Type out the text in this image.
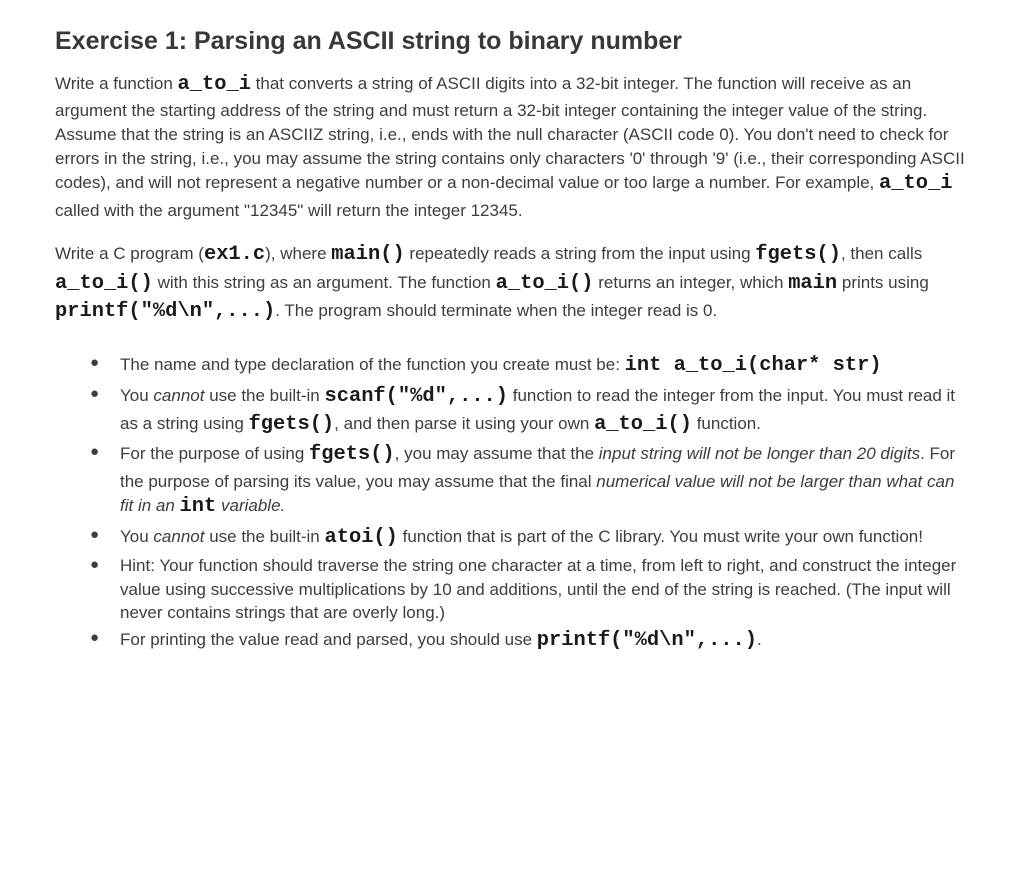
Exercise 1: Parsing an ASCII string to binary number

Write a function a_to_i that converts a string of ASCII digits into a 32-bit integer. The function will receive as an argument the starting address of the string and must return a 32-bit integer containing the integer value of the string. Assume that the string is an ASCIIZ string, i.e., ends with the null character (ASCII code 0). You don't need to check for errors in the string, i.e., you may assume the string contains only characters '0' through '9' (i.e., their corresponding ASCII codes), and will not represent a negative number or a non-decimal value or too large a number. For example, a_to_i called with the argument "12345" will return the integer 12345.

Write a C program (ex1.c), where main() repeatedly reads a string from the input using fgets(), then calls a_to_i() with this string as an argument. The function a_to_i() returns an integer, which main prints using printf("%d\n",...). The program should terminate when the integer read is 0.

● The name and type declaration of the function you create must be: int a_to_i(char* str)
● You cannot use the built-in scanf("%d",...) function to read the integer from the input. You must read it as a string using fgets(), and then parse it using your own a_to_i() function.
● For the purpose of using fgets(), you may assume that the input string will not be longer than 20 digits. For the purpose of parsing its value, you may assume that the final numerical value will not be larger than what can fit in an int variable.
● You cannot use the built-in atoi() function that is part of the C library. You must write your own function!
● Hint: Your function should traverse the string one character at a time, from left to right, and construct the integer value using successive multiplications by 10 and additions, until the end of the string is reached. (The input will never contains strings that are overly long.)
● For printing the value read and parsed, you should use printf("%d\n",...).
